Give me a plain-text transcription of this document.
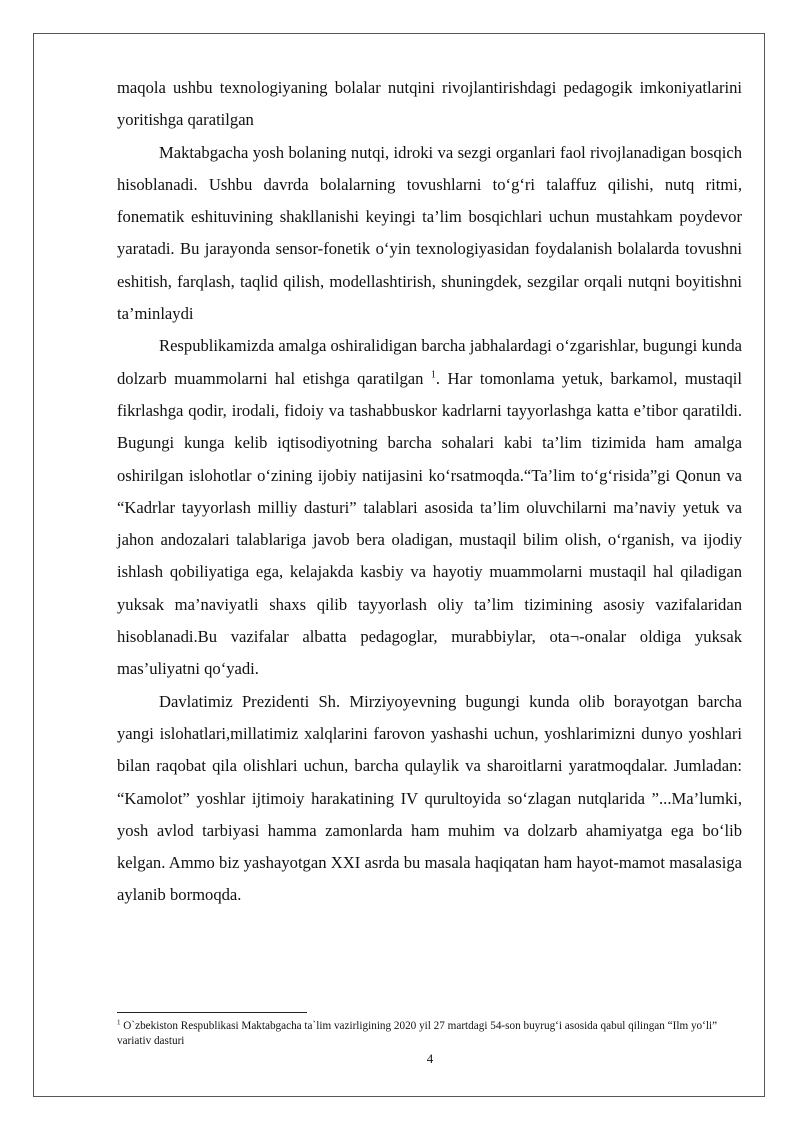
maqola ushbu texnologiyaning bolalar nutqini rivojlantirishdagi pedagogik imkoniyatlarini yoritishga qaratilgan

Maktabgacha yosh bolaning nutqi, idroki va sezgi organlari faol rivojlanadigan bosqich hisoblanadi. Ushbu davrda bolalarning tovushlarni to‘g‘ri talaffuz qilishi, nutq ritmi, fonematik eshituvining shakllanishi keyingi ta’lim bosqichlari uchun mustahkam poydevor yaratadi. Bu jarayonda sensor-fonetik o‘yin texnologiyasidan foydalanish bolalarda tovushni eshitish, farqlash, taqlid qilish, modellashtirish, shuningdek, sezgilar orqali nutqni boyitishni ta’minlaydi

Respublikamizda amalga oshiralidigan barcha jabhalardagi o‘zgarishlar, bugungi kunda dolzarb muammolarni hal etishga qaratilgan $^1$. Har tomonlama yetuk, barkamol, mustaqil fikrlashga qodir, irodali, fidoiy va tashabbuskor kadrlarni tayyorlashga katta e’tibor qaratildi. Bugungi kunga kelib iqtisodiyotning barcha sohalari kabi ta’lim tizimida ham amalga oshirilgan islohotlar o‘zining ijobiy natijasini ko‘rsatmoqda.“Ta’lim to‘g‘risida”gi Qonun va “Kadrlar tayyorlash milliy dasturi” talablari asosida ta’lim oluvchilarni ma’naviy yetuk va jahon andozalari talablariga javob bera oladigan, mustaqil bilim olish, o‘rganish, va ijodiy ishlash qobiliyatiga ega, kelajakda kasbiy va hayotiy muammolarni mustaqil hal qiladigan yuksak ma’naviyatli shaxs qilib tayyorlash oliy ta’lim tizimining asosiy vazifalaridan hisoblanadi.Bu vazifalar albatta pedagoglar, murabbiylar, ota¬-onalar oldiga yuksak mas’uliyatni qo‘yadi.

Davlatimiz Prezidenti Sh. Mirziyoyevning bugungi kunda olib borayotgan barcha yangi islohatlari,millatimiz xalqlarini farovon yashashi uchun, yoshlarimizni dunyo yoshlari bilan raqobat qila olishlari uchun, barcha qulaylik va sharoitlarni yaratmoqdalar. Jumladan: “Kamolot” yoshlar ijtimoiy harakatining IV qurultoyida so‘zlagan nutqlarida ”...Ma’lumki, yosh avlod tarbiyasi hamma zamonlarda ham muhim va dolzarb ahamiyatga ega bo‘lib kelgan. Ammo biz yashayotgan XXI asrda bu masala haqiqatan ham hayot-mamot masalasiga aylanib bormoqda.

$^1$ O`zbekiston Respublikasi Maktabgacha ta`lim vazirligining 2020 yil 27 martdagi 54-son buyrug‘i asosida qabul qilingan “Ilm yo‘li” variativ dasturi

4
